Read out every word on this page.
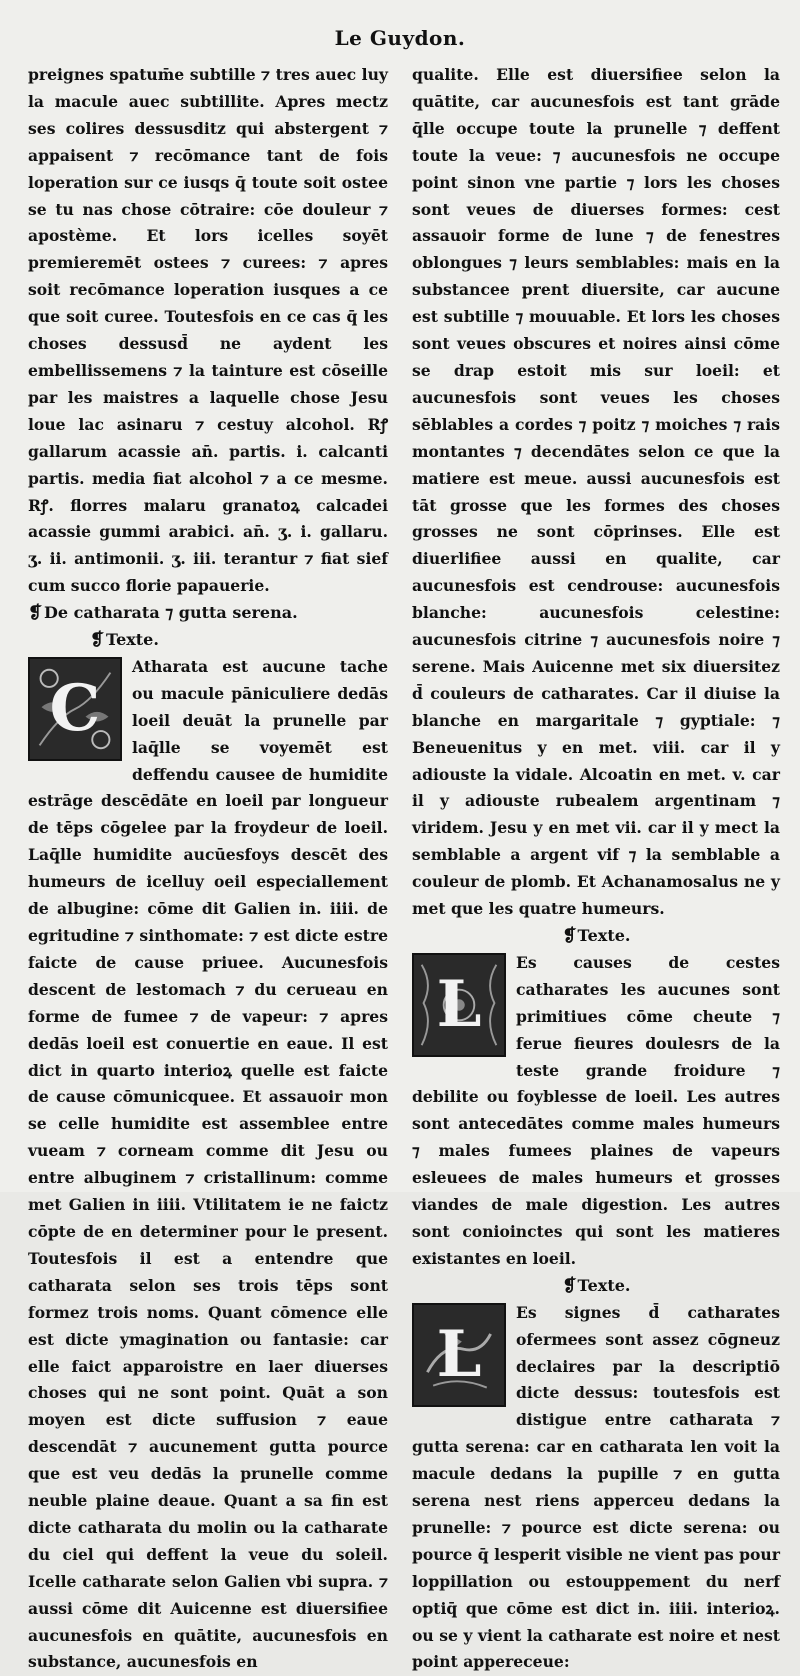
Le Guydon.

preignes spatum̄e subtille ⁊ tres auec luy la macule auec subtillite. Apres mectz ses colires dessusditz qui abstergent ⁊ appaisent ⁊ recōmance tant de fois loperation sur ce iusqs q̄ toute soit ostee se tu nas chose cōtraire: cōe douleur ⁊ apostème. Et lors icelles soyēt premieremēt ostees ⁊ curees: ⁊ apres soit recōmance loperation iusques a ce que soit curee. Toutesfois en ce cas q̄ les choses dessusd̄ ne aydent les embellissemens ⁊ la tainture est cōseille par les maistres a laquelle chose Jesu loue lac asinaru ⁊ cestuy alcohol. Rꝭ gallarum acassie an̄. partis. i. calcanti partis. media fiat alcohol ⁊ a ce mesme. Rꝭ. florres malaru granatoꝝ calcadei acassie gummi arabici. an̄. ʒ. i. gallaru. ʒ. ii. antimonii. ʒ. iii. terantur ⁊ fiat sief cum succo florie papauerie.

❡ De catharata ⁊ gutta serena.

❡ Texte.

C

Atharata est aucune tache ou macule pāniculiere dedās loeil deuāt la prunelle par laq̄lle se voyemēt est deffendu causee de humidite estrāge descēdāte en loeil par longueur de tēps cōgelee par la froydeur de loeil. Laq̄lle humidite aucūesfoys descēt des humeurs de icelluy oeil especiallement de albugine: cōme dit Galien in. iiii. de egritudine ⁊ sinthomate: ⁊ est dicte estre faicte de cause priuee. Aucunesfois descent de lestomach ⁊ du cerueau en forme de fumee ⁊ de vapeur: ⁊ apres dedās loeil est conuertie en eaue. Il est dict in quarto interioꝝ quelle est faicte de cause cōmunicquee. Et assauoir mon se celle humidite est assemblee entre vueam ⁊ corneam comme dit Jesu ou entre albuginem ⁊ cristallinum: comme met Galien in iiii. Vtilitatem ie ne faictz cōpte de en determiner pour le present. Toutesfois il est a entendre que catharata selon ses trois tēps sont formez trois noms. Quant cōmence elle est dicte ymagination ou fantasie: car elle faict apparoistre en laer diuerses choses qui ne sont point. Quāt a son moyen est dicte suffusion ⁊ eaue descendāt ⁊ aucunement gutta pource que est veu dedās la prunelle comme neuble plaine deaue. Quant a sa fin est dicte catharata du molin ou la catharate du ciel qui deffent la veue du soleil. Icelle catharate selon Galien vbi supra. ⁊ aussi cōme dit Auicenne est diuersifiee aucunesfois en quātite, aucunesfois en substance, aucunesfois en

qualite. Elle est diuersifiee selon la quātite, car aucunesfois est tant grāde q̄lle occupe toute la prunelle ⁊ deffent toute la veue: ⁊ aucunesfois ne occupe point sinon vne partie ⁊ lors les choses sont veues de diuerses formes: cest assauoir forme de lune ⁊ de fenestres oblongues ⁊ leurs semblables: mais en la substancee prent diuersite, car aucune est subtille ⁊ mouuable. Et lors les choses sont veues obscures et noires ainsi cōme se drap estoit mis sur loeil: et aucunesfois sont veues les choses sēblables a cordes ⁊ poitz ⁊ moiches ⁊ rais montantes ⁊ decendātes selon ce que la matiere est meue. aussi aucunesfois est tāt grosse que les formes des choses grosses ne sont cōprinses. Elle est diuerlifiee aussi en qualite, car aucunesfois est cendrouse: aucunesfois blanche: aucunesfois celestine: aucunesfois citrine ⁊ aucunesfois noire ⁊ serene. Mais Auicenne met six diuersitez d̄ couleurs de catharates. Car il diuise la blanche en margaritale ⁊ gyptiale: ⁊ Beneuenitus y en met. viii. car il y adiouste la vidale. Alcoatin en met. v. car il y adiouste rubealem argentinam ⁊ viridem. Jesu y en met vii. car il y mect la semblable a argent vif ⁊ la semblable a couleur de plomb. Et Achanamosalus ne y met que les quatre humeurs.

❡Texte.

L

Es causes de cestes catharates les aucunes sont primitiues cōme cheute ⁊ ferue fieures doulesrs de la teste grande froidure ⁊ debilite ou foyblesse de loeil. Les autres sont antecedātes comme males humeurs ⁊ males fumees plaines de vapeurs esleuees de males humeurs et grosses viandes de male digestion. Les autres sont conioinctes qui sont les matieres existantes en loeil.

❡Texte.

L

Es signes d̄ catharates ofermees sont assez cōgneuz declaires par la descriptiō dicte dessus: toutesfois est distigue entre catharata ⁊ gutta serena: car en catharata len voit la macule dedans la pupille ⁊ en gutta serena nest riens apperceu dedans la prunelle: ⁊ pource est dicte serena: ou pource q̄ lesperit visible ne vient pas pour loppillation ou estouppement du nerf optiq̄ que cōme est dict in. iiii. interioꝝ. ou se y vient la catharate est noire et nest point appereceue:
